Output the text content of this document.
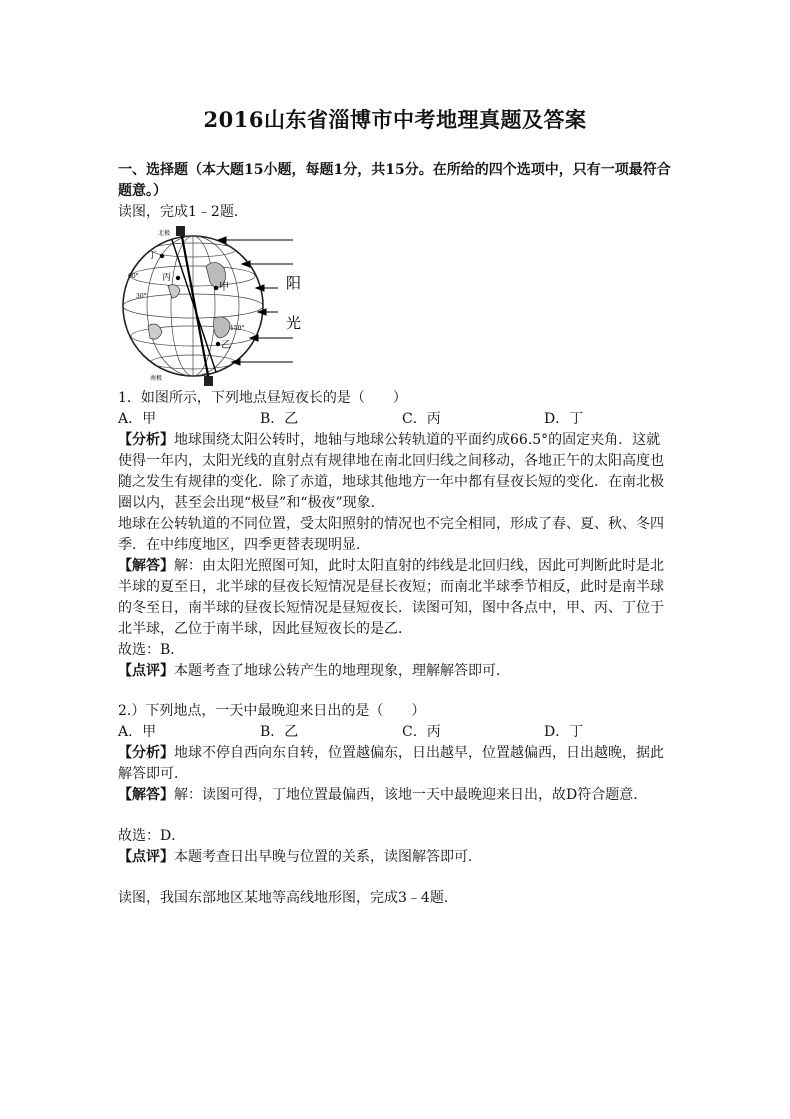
2016山东省淄博市中考地理真题及答案
一、选择题（本大题15小题，每题1分，共15分。在所给的四个选项中，只有一项最符合题意。）
读图，完成1﹣2题．
北极
南极
60°
30°
150°
甲
乙
丙
丁
阳
光
1．如图所示，下列地点昼短夜长的是（　　）
A．甲	B．乙	C．丙	D．丁
【分析】地球围绕太阳公转时，地轴与地球公转轨道的平面约成66.5°的固定夹角．这就
使得一年内，太阳光线的直射点有规律地在南北回归线之间移动，各地正午的太阳高度也
随之发生有规律的变化．除了赤道，地球其他地方一年中都有昼夜长短的变化．在南北极
圈以内，甚至会出现“极昼”和“极夜”现象．
地球在公转轨道的不同位置，受太阳照射的情况也不完全相同，形成了春、夏、秋、冬四
季．在中纬度地区，四季更替表现明显．
【解答】解：由太阳光照图可知，此时太阳直射的纬线是北回归线，因此可判断此时是北
半球的夏至日，北半球的昼夜长短情况是昼长夜短；而南北半球季节相反，此时是南半球
的冬至日，南半球的昼夜长短情况是昼短夜长．读图可知，图中各点中，甲、丙、丁位于
北半球，乙位于南半球，因此昼短夜长的是乙．
故选：B．
【点评】本题考查了地球公转产生的地理现象，理解解答即可．
2.）下列地点，一天中最晚迎来日出的是（　　）
A．甲	B．乙	C．丙	D．丁
【分析】地球不停自西向东自转，位置越偏东，日出越早，位置越偏西，日出越晚，据此
解答即可．
【解答】解：读图可得，丁地位置最偏西，该地一天中最晚迎来日出，故D符合题意．
故选：D．
【点评】本题考查日出早晚与位置的关系，读图解答即可．
读图，我国东部地区某地等高线地形图，完成3﹣4题．
